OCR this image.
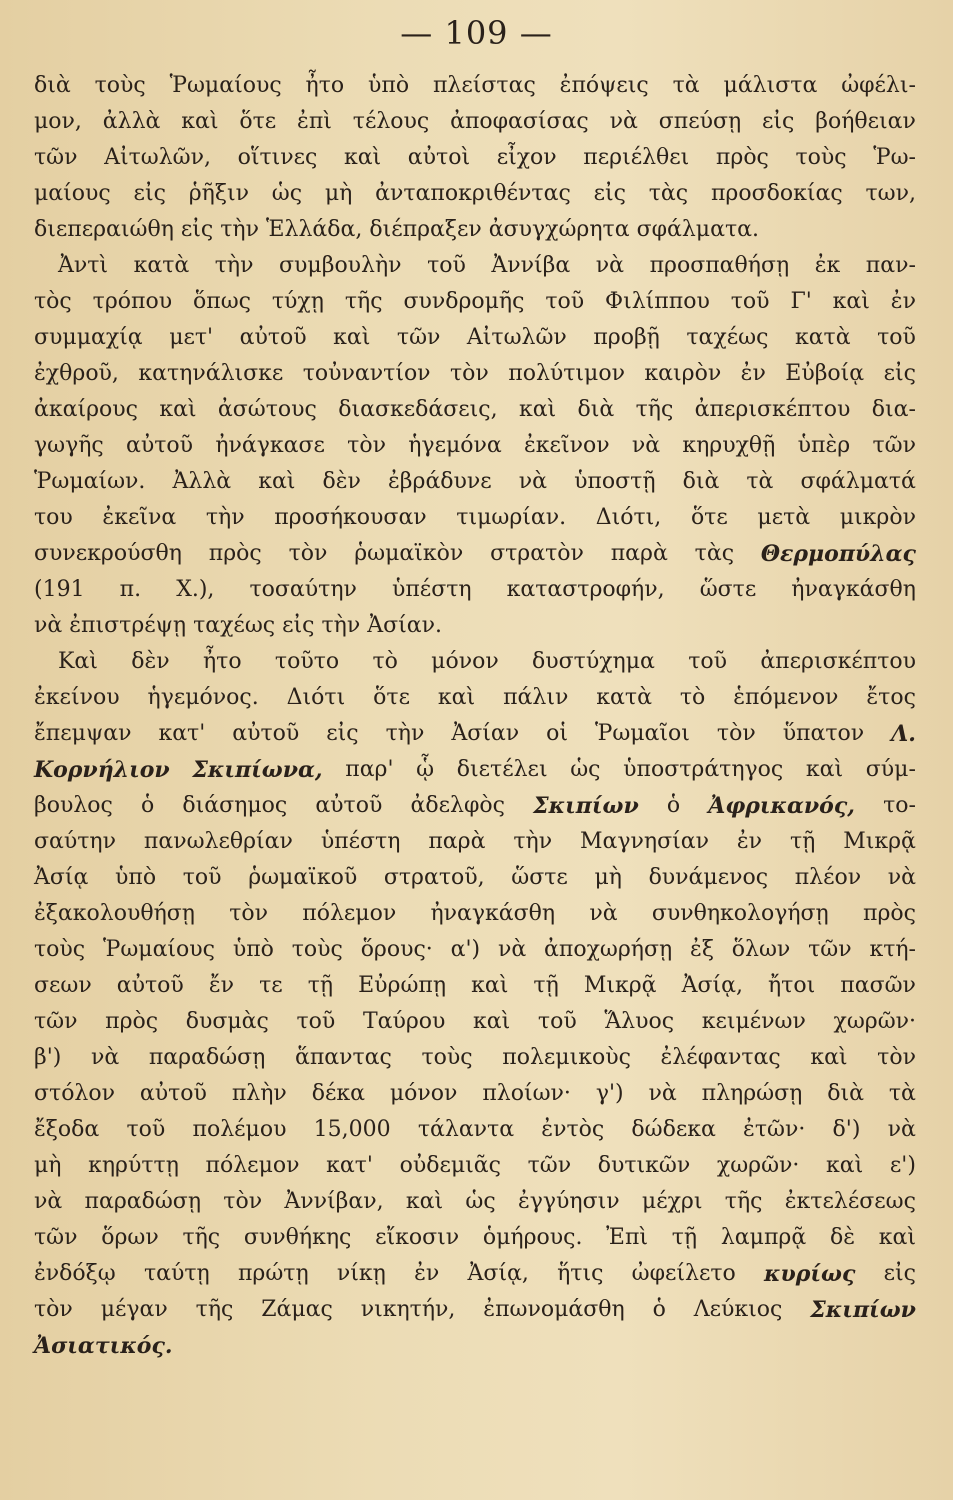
— 109 —
διὰ τοὺς Ῥωμαίους ἦτο ὑπὸ πλείστας ἐπόψεις τὰ μάλιστα ὠφέλι-
μον, ἀλλὰ καὶ ὅτε ἐπὶ τέλους ἀποφασίσας νὰ σπεύσῃ εἰς βοήθειαν
τῶν Αἰτωλῶν, οἵτινες καὶ αὐτοὶ εἶχον περιέλθει πρὸς τοὺς Ῥω-
μαίους εἰς ῥῆξιν ὡς μὴ ἀνταποκριθέντας εἰς τὰς προσδοκίας των,
διεπεραιώθη
εἰς
τὴν
Ἑλλάδα,
διέπραξεν
ἀσυγχώρητα
σφάλματα.
Ἀντὶ κατὰ τὴν συμβουλὴν τοῦ Ἀννίβα νὰ προσπαθήσῃ ἐκ παν-
τὸς τρόπου ὅπως τύχῃ τῆς συνδρομῆς τοῦ Φιλίππου τοῦ Γ' καὶ ἐν
συμμαχίᾳ μετ' αὐτοῦ καὶ τῶν Αἰτωλῶν προβῇ ταχέως κατὰ τοῦ
ἐχθροῦ, κατηνάλισκε τοὐναντίον τὸν πολύτιμον καιρὸν ἐν Εὐβοίᾳ εἰς
ἀκαίρους καὶ ἀσώτους διασκεδάσεις, καὶ διὰ τῆς ἀπερισκέπτου δια-
γωγῆς αὐτοῦ ἠνάγκασε τὸν ἡγεμόνα ἐκεῖνον νὰ κηρυχθῇ ὑπὲρ τῶν
Ῥωμαίων. Ἀλλὰ καὶ δὲν ἐβράδυνε νὰ ὑποστῇ διὰ τὰ σφάλματά
του ἐκεῖνα τὴν προσήκουσαν τιμωρίαν. Διότι, ὅτε μετὰ μικρὸν
συνεκρούσθη πρὸς τὸν ῥωμαϊκὸν στρατὸν παρὰ τὰς Θερμοπύλας
(191 π. Χ.), τοσαύτην ὑπέστη καταστροφήν, ὥστε ἠναγκάσθη
νὰ
ἐπιστρέψῃ
ταχέως
εἰς
τὴν
Ἀσίαν.
Καὶ δὲν ἦτο τοῦτο τὸ μόνον δυστύχημα τοῦ ἀπερισκέπτου
ἐκείνου ἡγεμόνος. Διότι ὅτε καὶ πάλιν κατὰ τὸ ἑπόμενον ἔτος
ἔπεμψαν κατ' αὐτοῦ εἰς τὴν Ἀσίαν οἱ Ῥωμαῖοι τὸν ὕπατον Λ.
Κορνήλιον Σκιπίωνα, παρ' ᾧ διετέλει ὡς ὑποστράτηγος καὶ σύμ-
βουλος ὁ διάσημος αὐτοῦ ἀδελφὸς Σκιπίων ὁ Ἀφρικανός, το-
σαύτην πανωλεθρίαν ὑπέστη παρὰ τὴν Μαγνησίαν ἐν τῇ Μικρᾷ
Ἀσίᾳ ὑπὸ τοῦ ῥωμαϊκοῦ στρατοῦ, ὥστε μὴ δυνάμενος πλέον νὰ
ἐξακολουθήσῃ τὸν πόλεμον ἠναγκάσθη νὰ συνθηκολογήσῃ πρὸς
τοὺς Ῥωμαίους ὑπὸ τοὺς ὅρους· α') νὰ ἀποχωρήσῃ ἐξ ὅλων τῶν κτή-
σεων αὐτοῦ ἔν τε τῇ Εὐρώπῃ καὶ τῇ Μικρᾷ Ἀσίᾳ, ἤτοι πασῶν
τῶν πρὸς δυσμὰς τοῦ Ταύρου καὶ τοῦ Ἅλυος κειμένων χωρῶν·
β') νὰ παραδώσῃ ἅπαντας τοὺς πολεμικοὺς ἐλέφαντας καὶ τὸν
στόλον αὐτοῦ πλὴν δέκα μόνον πλοίων· γ') νὰ πληρώσῃ διὰ τὰ
ἔξοδα τοῦ πολέμου 15,000 τάλαντα ἐντὸς δώδεκα ἐτῶν· δ') νὰ
μὴ κηρύττῃ πόλεμον κατ' οὐδεμιᾶς τῶν δυτικῶν χωρῶν· καὶ ε')
νὰ παραδώσῃ τὸν Ἀννίβαν, καὶ ὡς ἐγγύησιν μέχρι τῆς ἐκτελέσεως
τῶν ὅρων τῆς συνθήκης εἴκοσιν ὁμήρους. Ἐπὶ τῇ λαμπρᾷ δὲ καὶ
ἐνδόξῳ ταύτῃ πρώτῃ νίκῃ ἐν Ἀσίᾳ, ἥτις ὠφείλετο κυρίως εἰς
τὸν μέγαν τῆς Ζάμας νικητήν, ἐπωνομάσθη ὁ Λεύκιος Σκιπίων
Ἀσιατικός.
